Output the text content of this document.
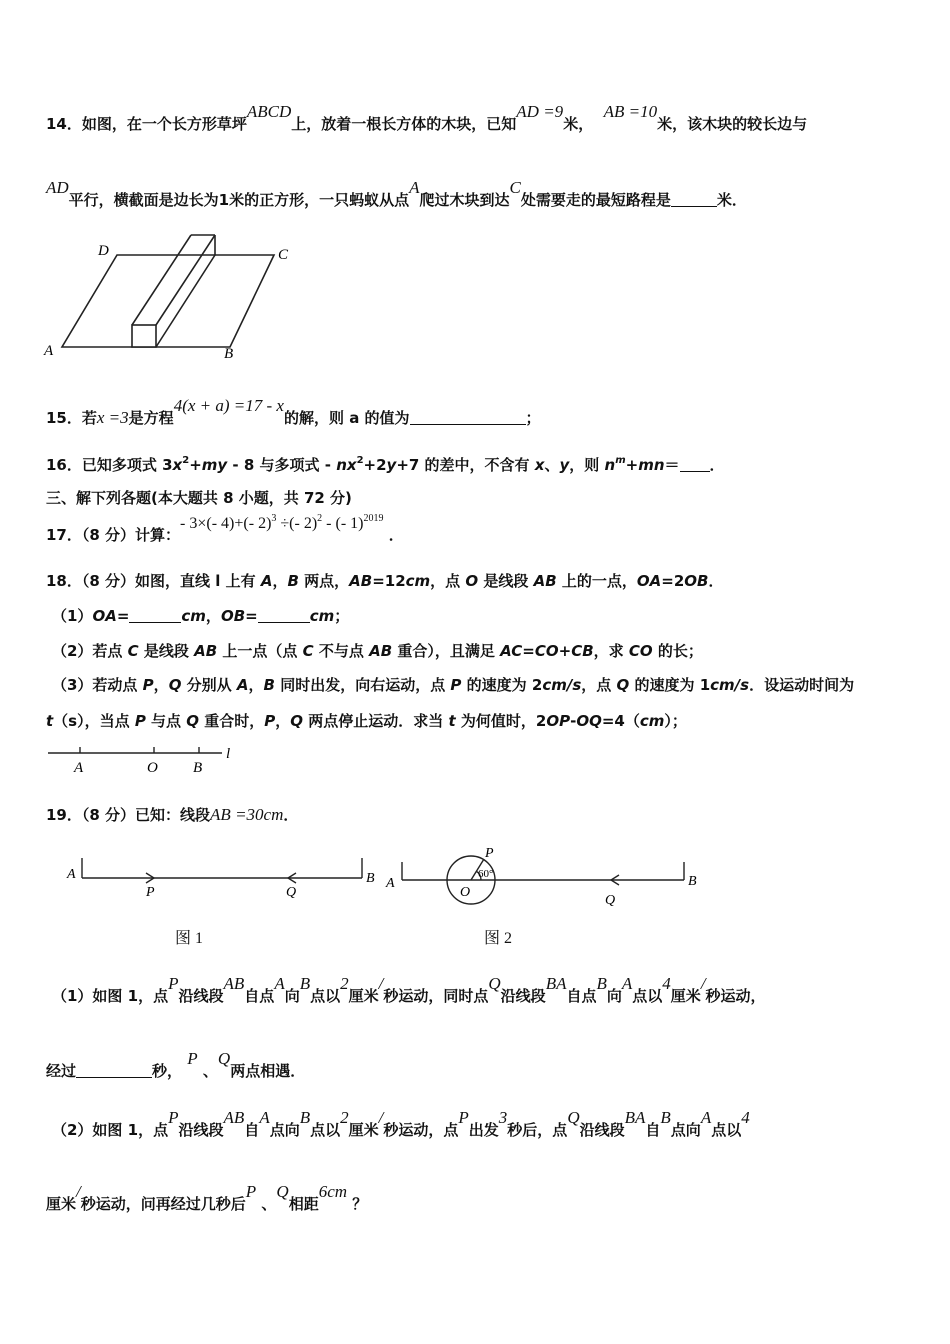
14．如图，在一个长方形草坪ABCD上，放着一根长方体的木块，已知AD =9米，  AB =10米，该木块的较长边与
AD平行，横截面是边长为1米的正方形，一只蚂蚁从点A爬过木块到达C处需要走的最短路程是	米．
D	C
A	B
15．若x =3是方程4(x + a) =17 - x的解，则 a 的值为	；
16．已知多项式 $3x^2+my - 8$ 与多项式 - $nx^2+2y+7$ 的差中，不含有 x、y，则 $n^m+mn=$ ．
三、解下列各题(本大题共 8 小题，共 72 分)
17．（8 分）计算：- 3×(- 4)+(- 2)$^3$ ÷(- 2)$^2$ - (- 1)$^{2019}$ ．
18．（8 分）如图，直线 l 上有 A，B 两点，AB=12cm，点 O 是线段 AB 上的一点，OA=2OB．
（1）OA=	cm，OB=	cm；
（2）若点 C 是线段 AB 上一点（点 C 不与点 AB 重合），且满足 AC=CO+CB，求 CO 的长；
（3）若动点 P，Q 分别从 A，B 同时出发，向右运动，点 P 的速度为 2cm/s，点 Q 的速度为 1cm/s．设运动时间为
t（s），当点 P 与点 Q 重合时，P，Q 两点停止运动．求当 t 为何值时，2OP-OQ=4（cm）；
A	O B
l
19．（8 分）已知：线段AB =30cm．
A
P	Q
B
图 1
A
O
P
60°
Q
B
图 2
（1）如图 1，点P沿线段AB自点A向B点以2厘米/秒运动，同时点Q沿线段BA自点B向A点以4厘米/秒运动，
经过	秒， P 、Q两点相遇．
（2）如图 1，点P沿线段AB自A点向B点以2厘米/秒运动，点P出发3秒后，点Q沿线段BA自B点向A点以4
厘米/秒运动，问再经过几秒后P 、Q相距6cm ？
